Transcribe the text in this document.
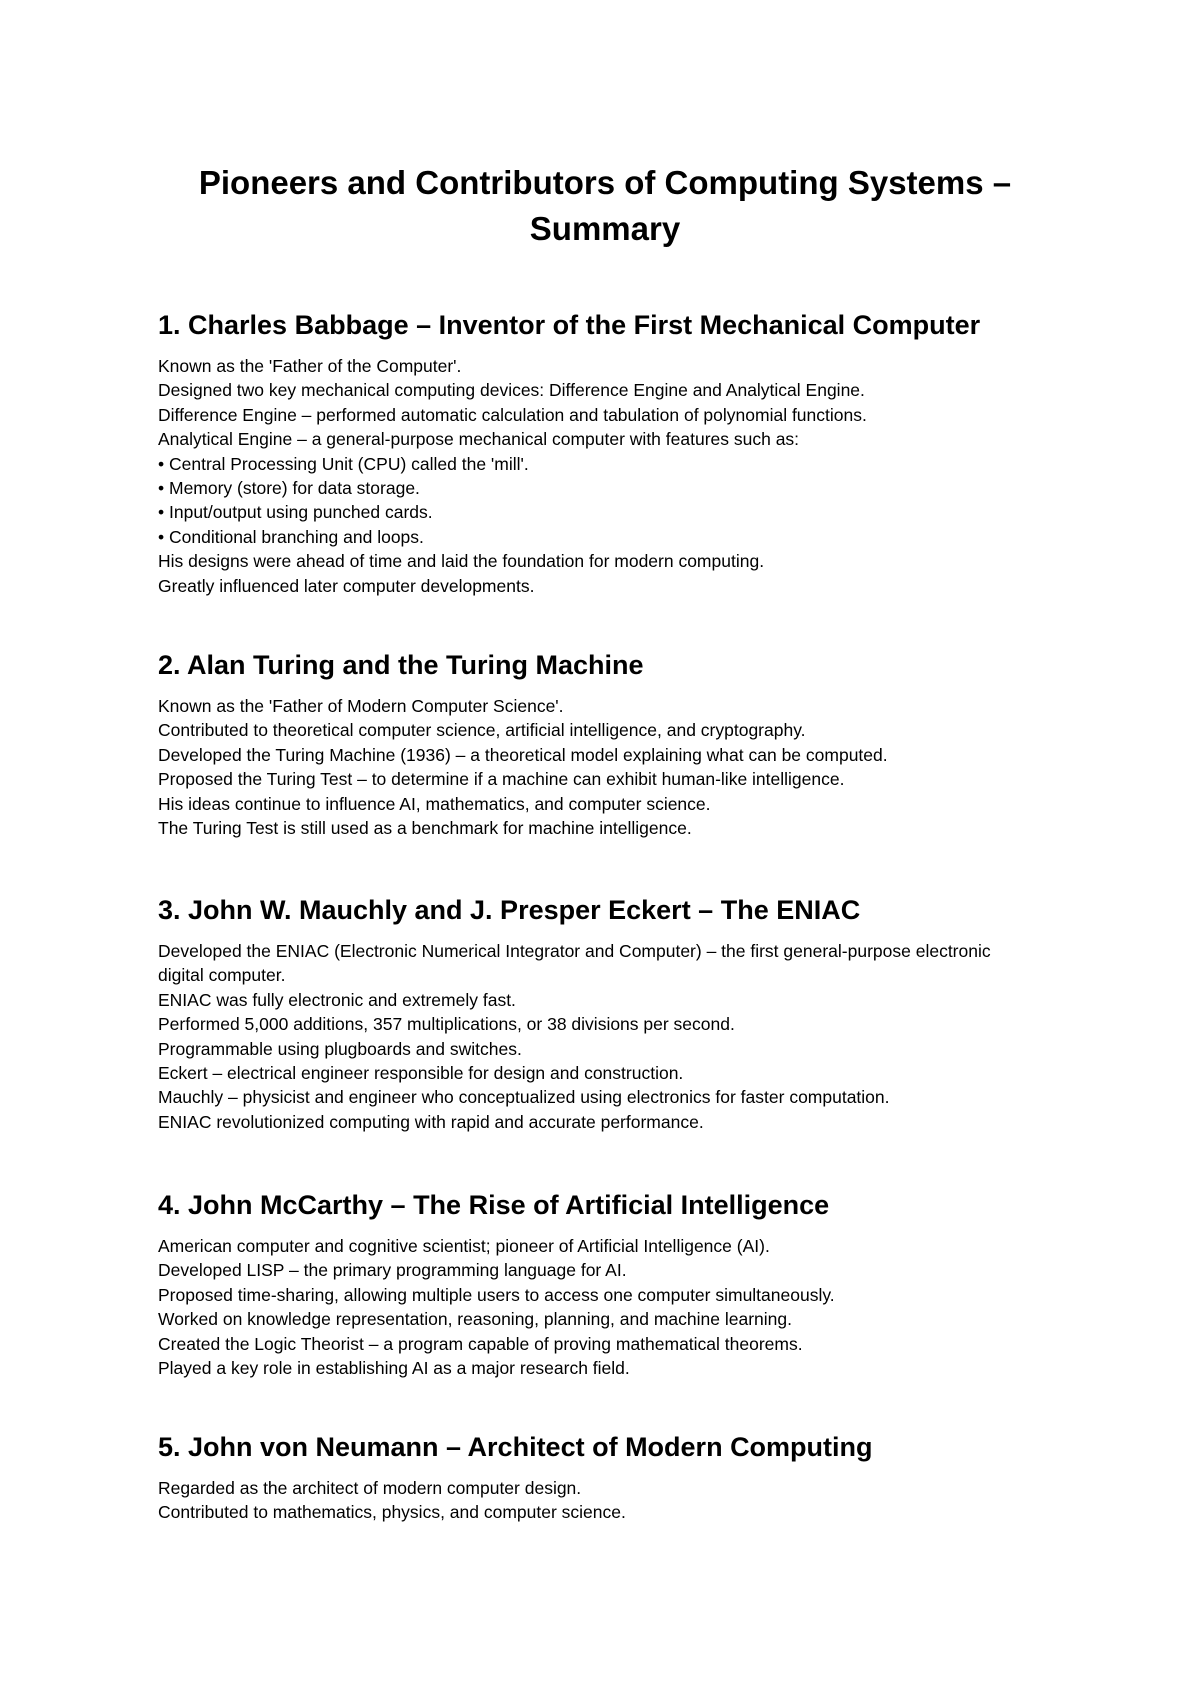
Pioneers and Contributors of Computing Systems – Summary
1. Charles Babbage – Inventor of the First Mechanical Computer

Known as the 'Father of the Computer'.

Designed two key mechanical computing devices: Difference Engine and Analytical Engine.

Difference Engine – performed automatic calculation and tabulation of polynomial functions.

Analytical Engine – a general-purpose mechanical computer with features such as:

• Central Processing Unit (CPU) called the 'mill'.

• Memory (store) for data storage.

• Input/output using punched cards.

• Conditional branching and loops.

His designs were ahead of time and laid the foundation for modern computing.

Greatly influenced later computer developments.

2. Alan Turing and the Turing Machine

Known as the 'Father of Modern Computer Science'.

Contributed to theoretical computer science, artificial intelligence, and cryptography.

Developed the Turing Machine (1936) – a theoretical model explaining what can be computed.

Proposed the Turing Test – to determine if a machine can exhibit human-like intelligence.

His ideas continue to influence AI, mathematics, and computer science.

The Turing Test is still used as a benchmark for machine intelligence.

3. John W. Mauchly and J. Presper Eckert – The ENIAC

Developed the ENIAC (Electronic Numerical Integrator and Computer) – the first general-purpose electronic digital computer.

ENIAC was fully electronic and extremely fast.

Performed 5,000 additions, 357 multiplications, or 38 divisions per second.

Programmable using plugboards and switches.

Eckert – electrical engineer responsible for design and construction.

Mauchly – physicist and engineer who conceptualized using electronics for faster computation.

ENIAC revolutionized computing with rapid and accurate performance.

4. John McCarthy – The Rise of Artificial Intelligence

American computer and cognitive scientist; pioneer of Artificial Intelligence (AI).

Developed LISP – the primary programming language for AI.

Proposed time-sharing, allowing multiple users to access one computer simultaneously.

Worked on knowledge representation, reasoning, planning, and machine learning.

Created the Logic Theorist – a program capable of proving mathematical theorems.

Played a key role in establishing AI as a major research field.

5. John von Neumann – Architect of Modern Computing

Regarded as the architect of modern computer design.

Contributed to mathematics, physics, and computer science.
